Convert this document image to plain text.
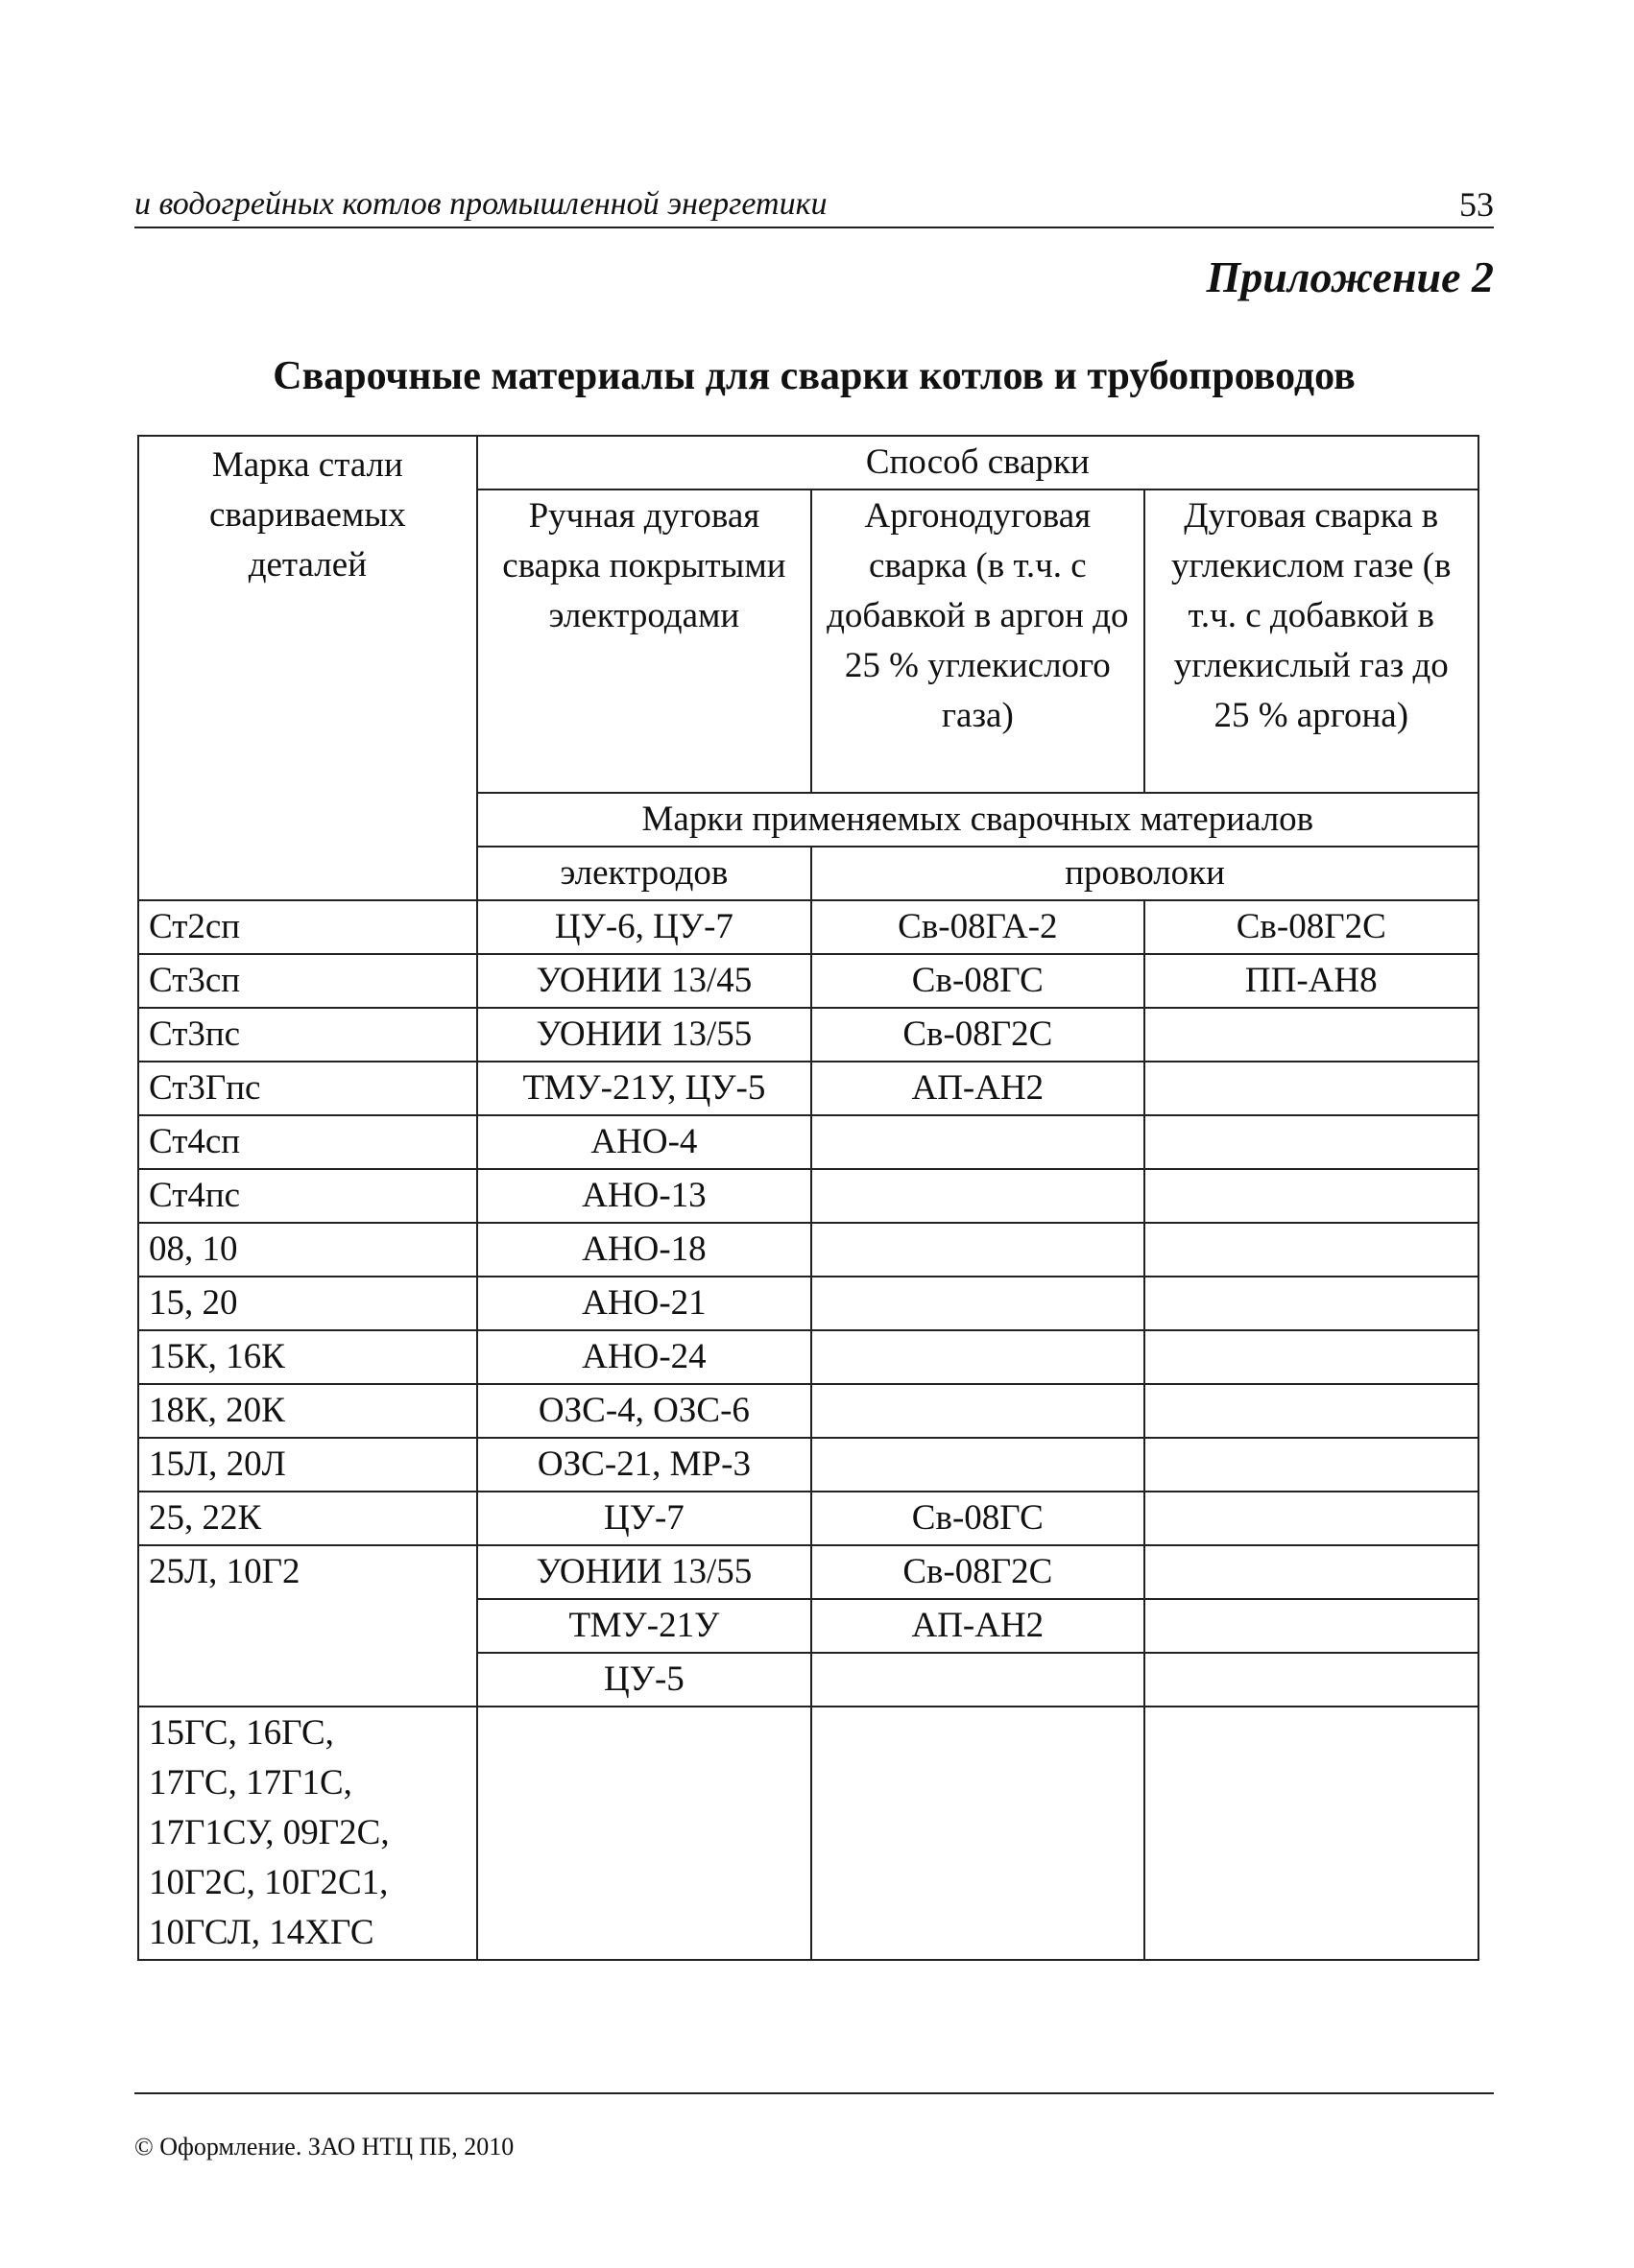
и водогрейных котлов промышленной энергетики	53
Приложение 2
Сварочные материалы для сварки котлов и трубопроводов
Марка стали свариваемых деталей	Способ сварки		
	Ручная дуговая сварка покрытыми электродами	Аргонодуговая сварка (в т.ч. с добавкой в аргон до 25 % углекислого газа)	Дуговая сварка в углекислом газе (в т.ч. с добавкой в углекислый газ до 25 % аргона)
	Марки применяемых сварочных материалов		
	электродов	проволоки	
Ст2сп	ЦУ-6, ЦУ-7	Св-08ГА-2	Св-08Г2С
Ст3сп	УОНИИ 13/45	Св-08ГС	ПП-АН8
Ст3пс	УОНИИ 13/55	Св-08Г2С	
Ст3Гпс	ТМУ-21У, ЦУ-5	АП-АН2	
Ст4сп	АНО-4		
Ст4пс	АНО-13		
08, 10	АНО-18		
15, 20	АНО-21		
15К, 16К	АНО-24		
18К, 20К	ОЗС-4, ОЗС-6		
15Л, 20Л	ОЗС-21, МР-3		
25, 22К	ЦУ-7	Св-08ГС	
25Л, 10Г2	УОНИИ 13/55	Св-08Г2С	
	ТМУ-21У	АП-АН2	
	ЦУ-5		

15ГС, 16ГС,
17ГС, 17Г1С,
17Г1СУ, 09Г2С,
10Г2С, 10Г2С1,
10ГСЛ, 14ХГС			

© Оформление. ЗАО НТЦ ПБ, 2010
